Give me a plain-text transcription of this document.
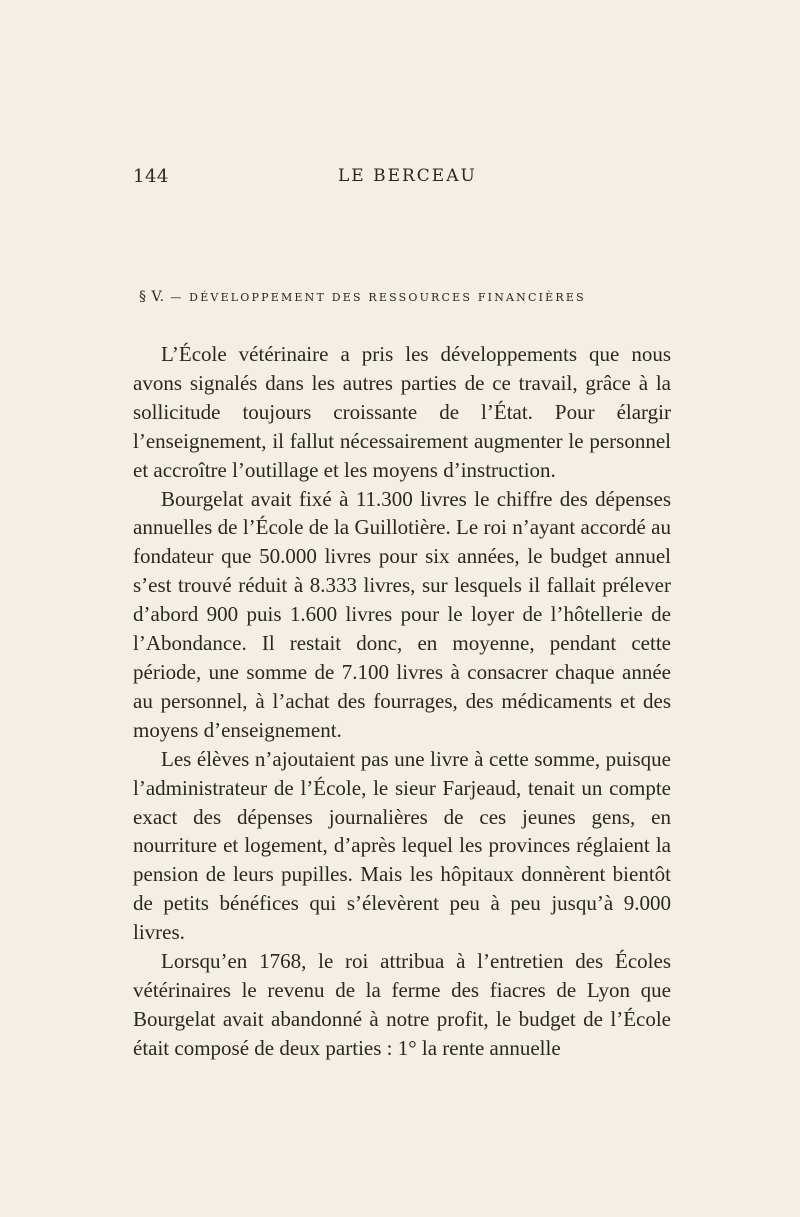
144	LE BERCEAU
§ V. — DÉVELOPPEMENT DES RESSOURCES FINANCIÈRES

L’École vétérinaire a pris les développements que nous avons signalés dans les autres parties de ce travail, grâce à la sollicitude toujours croissante de l’État. Pour élargir l’enseignement, il fallut nécessairement augmenter le personnel et accroître l’outillage et les moyens d’instruction.

Bourgelat avait fixé à 11.300 livres le chiffre des dépenses annuelles de l’École de la Guillotière. Le roi n’ayant accordé au fondateur que 50.000 livres pour six années, le budget annuel s’est trouvé réduit à 8.333 livres, sur lesquels il fallait prélever d’abord 900 puis 1.600 livres pour le loyer de l’hôtellerie de l’Abondance. Il restait donc, en moyenne, pendant cette période, une somme de 7.100 livres à consacrer chaque année au personnel, à l’achat des fourrages, des médicaments et des moyens d’enseignement.

Les élèves n’ajoutaient pas une livre à cette somme, puisque l’administrateur de l’École, le sieur Farjeaud, tenait un compte exact des dépenses journalières de ces jeunes gens, en nourriture et logement, d’après lequel les provinces réglaient la pension de leurs pupilles. Mais les hôpitaux donnèrent bientôt de petits bénéfices qui s’élevèrent peu à peu jusqu’à 9.000 livres.

Lorsqu’en 1768, le roi attribua à l’entretien des Écoles vétérinaires le revenu de la ferme des fiacres de Lyon que Bourgelat avait abandonné à notre profit, le budget de l’École était composé de deux parties : 1° la rente annuelle
